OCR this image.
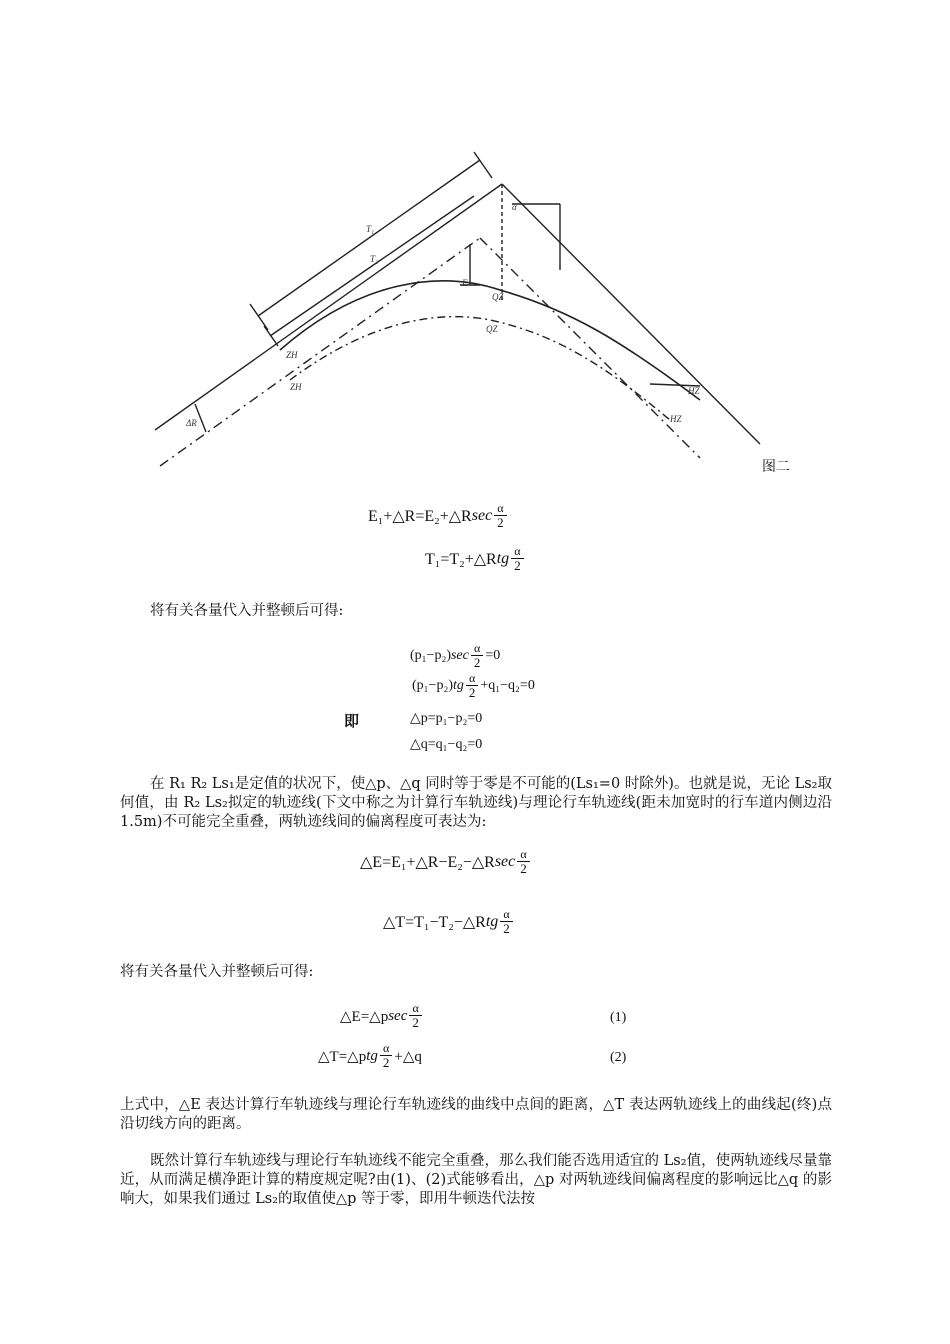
T₁
T₂
α
E
QZ
QZ
ZH
ZH	HZ
HZ
ΔR
图二
E₁+△R=E₂+△R $\sec \frac{\alpha}{2}$
T₁=T₂+△R tg $\frac{\alpha}{2}$
将有关各量代入并整顿后可得:
(p₁−p₂) $\sec \frac{\alpha}{2} =0$
(p₁−p₂) tg $\frac{\alpha}{2} +q_1-q_2=0$
即	△p=p₁−p₂=0
△q=q₁−q₂=0
在 R₁ R₂ Ls₁是定值的状况下，使△p、△q 同时等于零是不可能的(Ls₁=0 时除外)。也就是说，无论 Ls₂取何值，由 R₂ Ls₂拟定的轨迹线(下文中称之为计算行车轨迹线)与理论行车轨迹线(距未加宽时的行车道内侧边沿 1.5m)不可能完全重叠，两轨迹线间的偏离程度可表达为:
△E=E₁+△R−E₂−△R $\sec \frac{\alpha}{2}$
△T=T₁−T₂−△R tg $\frac{\alpha}{2}$
将有关各量代入并整顿后可得:
△E=△p $\sec \frac{\alpha}{2}$	(1)
△T=△p tg $\frac{\alpha}{2}$ +△q	(2)
上式中，△E 表达计算行车轨迹线与理论行车轨迹线的曲线中点间的距离，△T 表达两轨迹线上的曲线起(终)点沿切线方向的距离。
既然计算行车轨迹线与理论行车轨迹线不能完全重叠，那么我们能否选用适宜的 Ls₂值，使两轨迹线尽量靠近，从而满足横净距计算的精度规定呢?由(1)、(2)式能够看出，△p 对两轨迹线间偏离程度的影响远比△q 的影响大，如果我们通过 Ls₂的取值使△p 等于零，即用牛顿迭代法按
